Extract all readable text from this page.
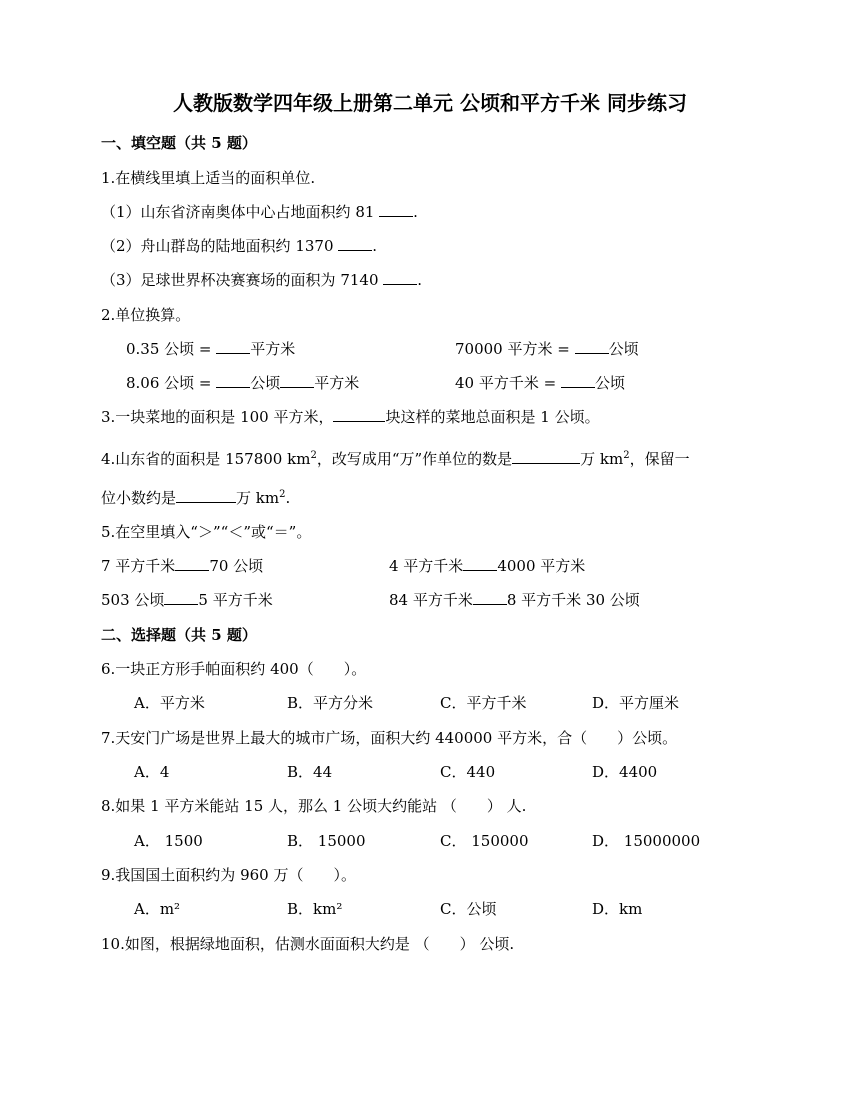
人教版数学四年级上册第二单元 公顷和平方千米 同步练习
一、填空题（共 5 题）
1.在横线里填上适当的面积单位.
（1）山东省济南奥体中心占地面积约 81 .
（2）舟山群岛的陆地面积约 1370 .
（3）足球世界杯决赛赛场的面积为 7140 .
2.单位换算。
0.35 公顷 = 平方米	70000 平方米 = 公顷
8.06 公顷 = 公顷 平方米	40 平方千米 = 公顷
3.一块菜地的面积是 100 平方米，	块这样的菜地总面积是 1 公顷。
4.山东省的面积是 157800 $km^2$，改写成用“万”作单位的数是	万 $km^2$，保留一
位小数约是	万 $km^2$.
5.在空里填入“＞”“＜”或“＝”。
7 平方千米 70 公顷	4 平方千米 4000 平方米
503 公顷 5 平方千米	84 平方千米 8 平方千米 30 公顷
二、选择题（共 5 题）
6.一块正方形手帕面积约 400（　　）。
A．平方米	B．平方分米	C．平方千米	D．平方厘米
7.天安门广场是世界上最大的城市广场，面积大约 440000 平方米，合（　　）公顷。
A．4	B．44	C．440	D．4400
8.如果 1 平方米能站 15 人，那么 1 公顷大约能站 （　　） 人.
A． 1500	B． 15000	C． 150000	D． 15000000
9.我国国土面积约为 960 万（　　）。
A．m²	B．km²	C．公顷	D．km
10.如图，根据绿地面积，估测水面面积大约是 （　　） 公顷.
